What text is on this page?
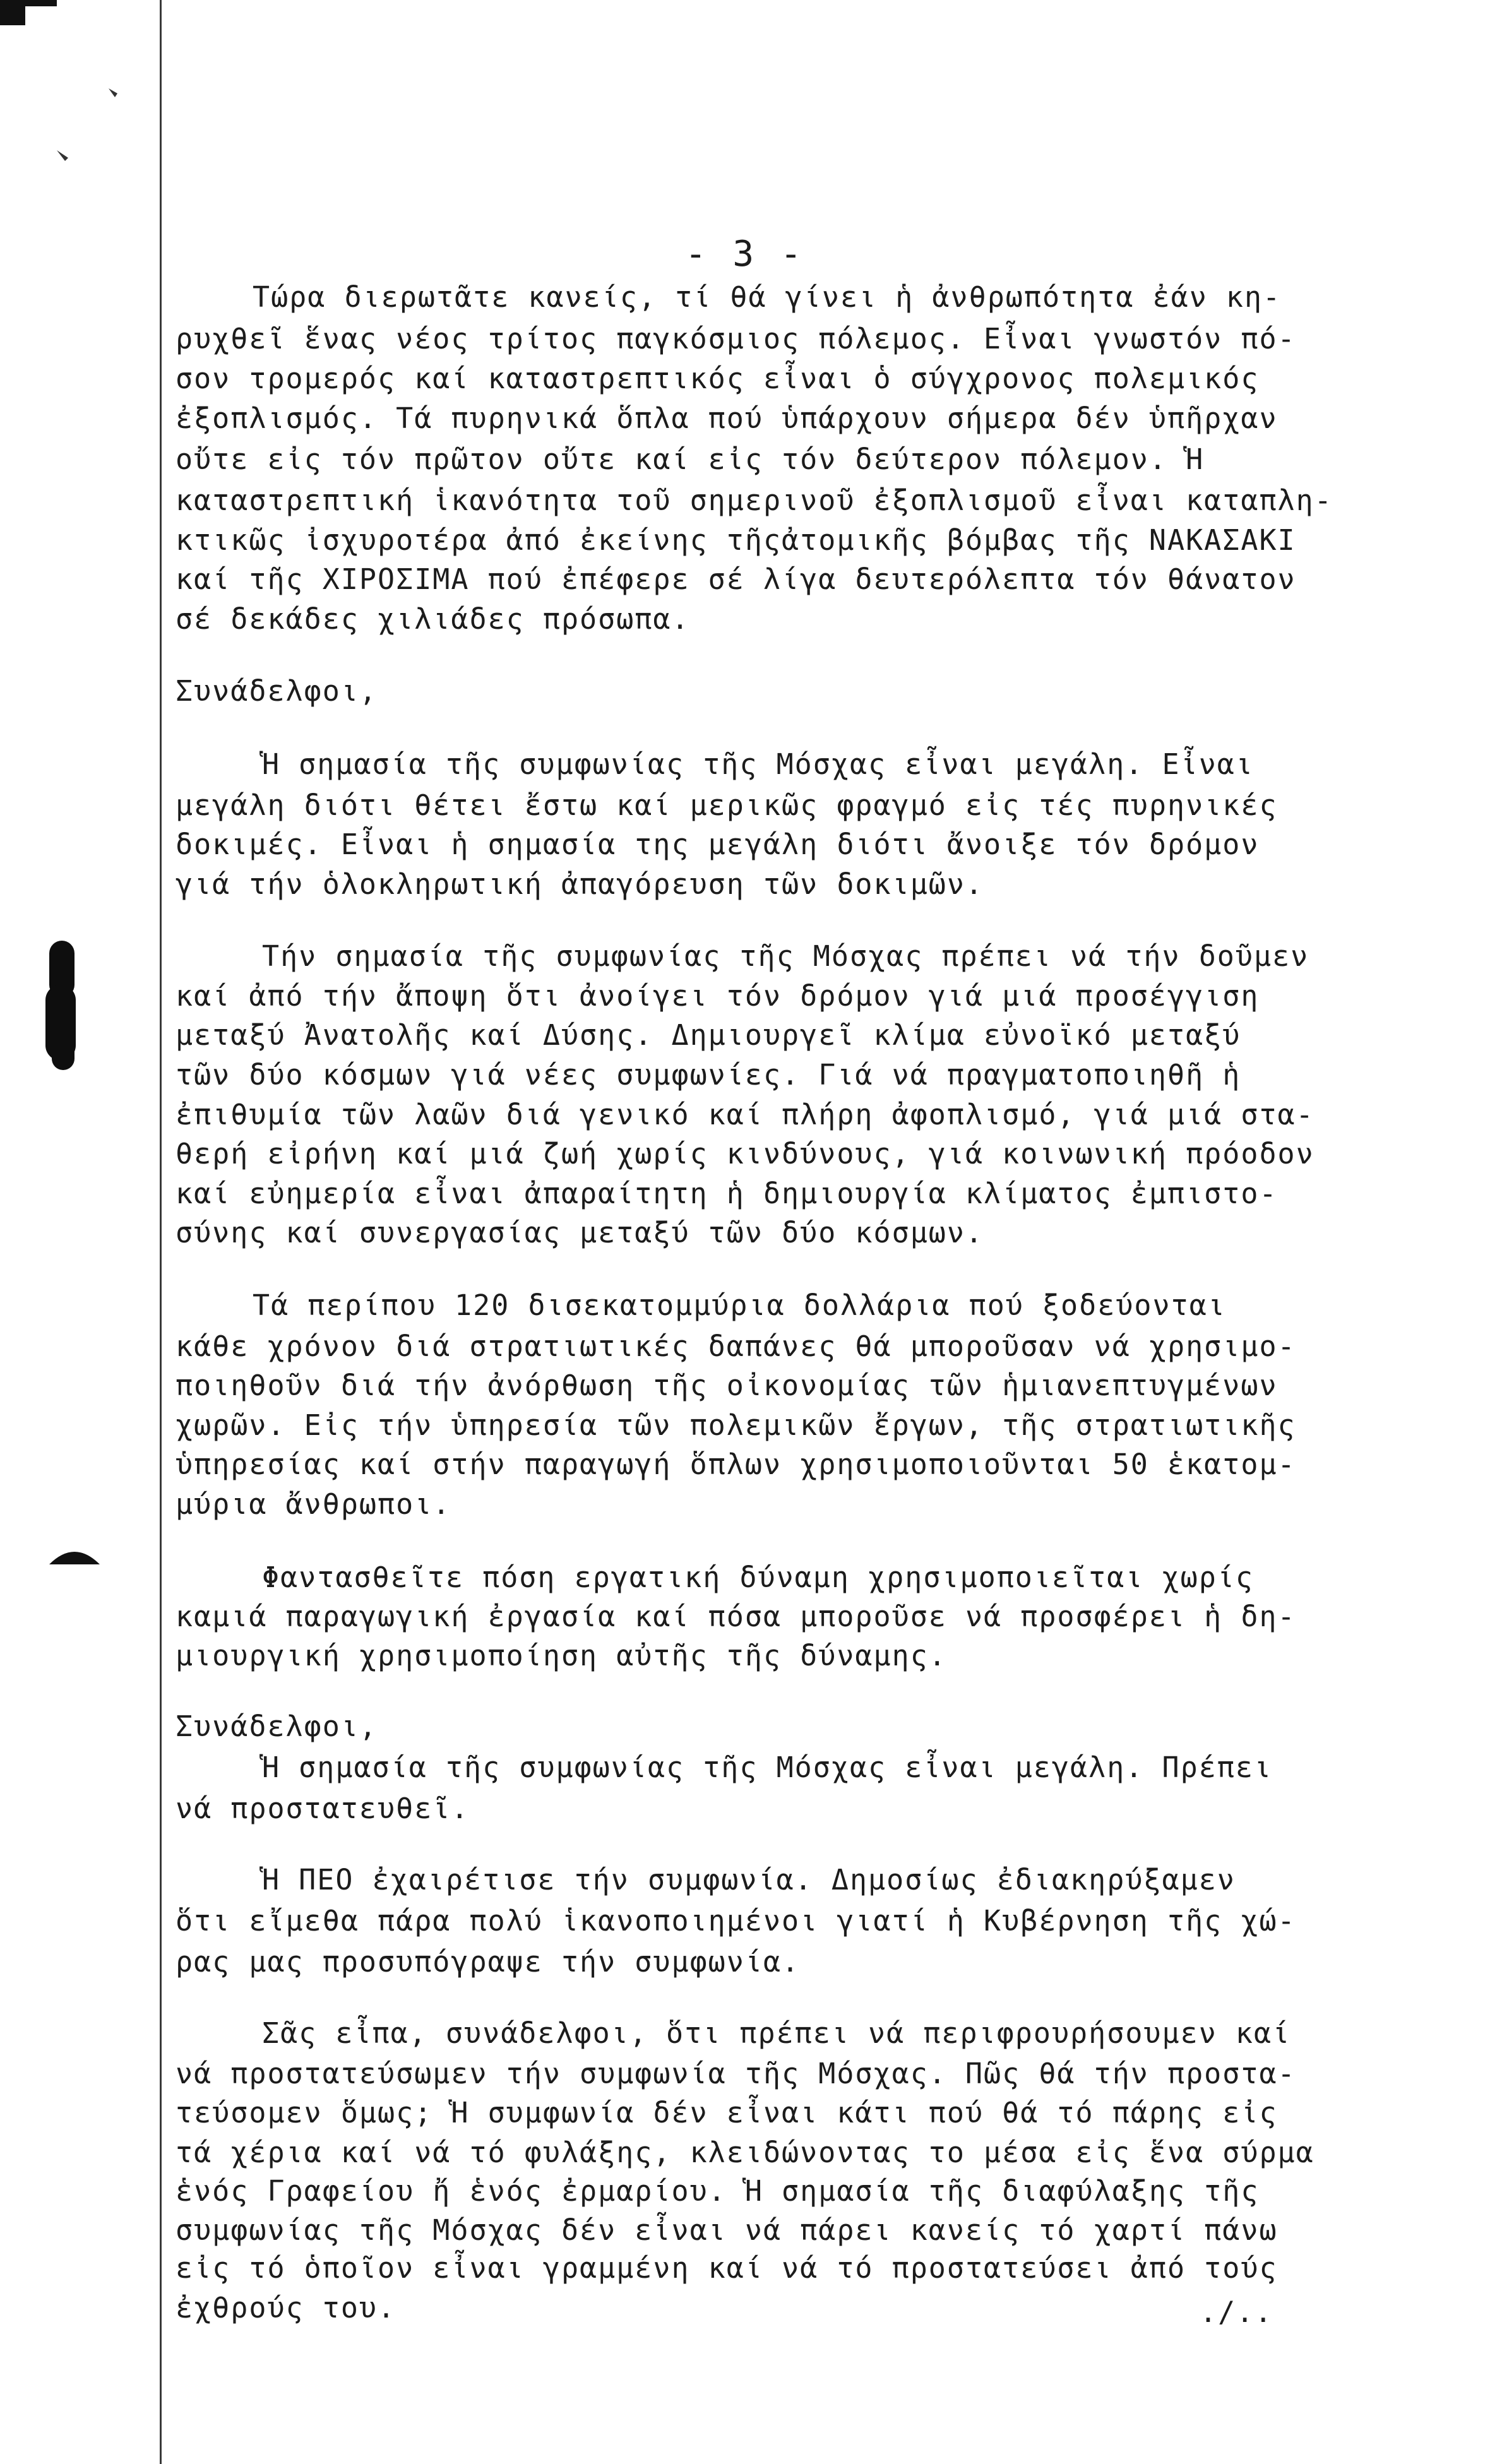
- 3 -
Τώρα διερωτᾶτε κανείς, τί θά γίνει ἡ ἀνθρωπότητα ἐάν κη-
ρυχθεῖ ἕνας νέος τρίτος παγκόσμιος πόλεμος. Εἶναι γνωστόν πό-
σον τρομερός καί καταστρεπτικός εἶναι ὁ σύγχρονος πολεμικός
ἐξοπλισμός. Τά πυρηνικά ὅπλα πού ὑπάρχουν σήμερα δέν ὑπῆρχαν
οὔτε εἰς τόν πρῶτον οὔτε καί εἰς τόν δεύτερον πόλεμον. Ἡ
καταστρεπτική ἱκανότητα τοῦ σημερινοῦ ἐξοπλισμοῦ εἶναι καταπλη-
κτικῶς ἰσχυροτέρα ἀπό ἐκείνης τῆςἀτομικῆς βόμβας τῆς ΝΑΚΑΣΑΚΙ
καί τῆς ΧΙΡΟΣΙΜΑ πού ἐπέφερε σέ λίγα δευτερόλεπτα τόν θάνατον
σέ δεκάδες χιλιάδες πρόσωπα.
Συνάδελφοι,
Ἡ σημασία τῆς συμφωνίας τῆς Μόσχας εἶναι μεγάλη. Εἶναι
μεγάλη διότι θέτει ἔστω καί μερικῶς φραγμό εἰς τές πυρηνικές
δοκιμές. Εἶναι ἡ σημασία της μεγάλη διότι ἄνοιξε τόν δρόμον
γιά τήν ὁλοκληρωτική ἀπαγόρευση τῶν δοκιμῶν.
Τήν σημασία τῆς συμφωνίας τῆς Μόσχας πρέπει νά τήν δοῦμεν
καί ἀπό τήν ἄποψη ὅτι ἀνοίγει τόν δρόμον γιά μιά προσέγγιση
μεταξύ Ἀνατολῆς καί Δύσης. Δημιουργεῖ κλίμα εὐνοϊκό μεταξύ
τῶν δύο κόσμων γιά νέες συμφωνίες. Γιά νά πραγματοποιηθῆ ἡ
ἐπιθυμία τῶν λαῶν διά γενικό καί πλήρη ἀφοπλισμό, γιά μιά στα-
θερή εἰρήνη καί μιά ζωή χωρίς κινδύνους, γιά κοινωνική πρόοδον
καί εὐημερία εἶναι ἀπαραίτητη ἡ δημιουργία κλίματος ἐμπιστο-
σύνης καί συνεργασίας μεταξύ τῶν δύο κόσμων.
Τά περίπου 120 δισεκατομμύρια δολλάρια πού ξοδεύονται
κάθε χρόνον διά στρατιωτικές δαπάνες θά μποροῦσαν νά χρησιμο-
ποιηθοῦν διά τήν ἀνόρθωση τῆς οἰκονομίας τῶν ἡμιανεπτυγμένων
χωρῶν. Εἰς τήν ὑπηρεσία τῶν πολεμικῶν ἔργων, τῆς στρατιωτικῆς
ὑπηρεσίας καί στήν παραγωγή ὅπλων χρησιμοποιοῦνται 50 ἑκατομ-
μύρια ἄνθρωποι.
Φαντασθεῖτε πόση εργατική δύναμη χρησιμοποιεῖται χωρίς
καμιά παραγωγική ἐργασία καί πόσα μποροῦσε νά προσφέρει ἡ δη-
μιουργική χρησιμοποίηση αὐτῆς τῆς δύναμης.
Συνάδελφοι,
Ἡ σημασία τῆς συμφωνίας τῆς Μόσχας εἶναι μεγάλη. Πρέπει
νά προστατευθεῖ.
Ἡ ΠΕΟ ἐχαιρέτισε τήν συμφωνία. Δημοσίως ἐδιακηρύξαμεν
ὅτι εἴμεθα πάρα πολύ ἱκανοποιημένοι γιατί ἡ Κυβέρνηση τῆς χώ-
ρας μας προσυπόγραψε τήν συμφωνία.
Σᾶς εἶπα, συνάδελφοι, ὅτι πρέπει νά περιφρουρήσουμεν καί
νά προστατεύσωμεν τήν συμφωνία τῆς Μόσχας. Πῶς θά τήν προστα-
τεύσομεν ὅμως; Ἡ συμφωνία δέν εἶναι κάτι πού θά τό πάρης εἰς
τά χέρια καί νά τό φυλάξης, κλειδώνοντας το μέσα εἰς ἕνα σύρμα
ἑνός Γραφείου ἤ ἑνός ἐρμαρίου. Ἡ σημασία τῆς διαφύλαξης τῆς
συμφωνίας τῆς Μόσχας δέν εἶναι νά πάρει κανείς τό χαρτί πάνω
εἰς τό ὁποῖον εἶναι γραμμένη καί νά τό προστατεύσει ἀπό τούς
ἐχθρούς του.	./..
